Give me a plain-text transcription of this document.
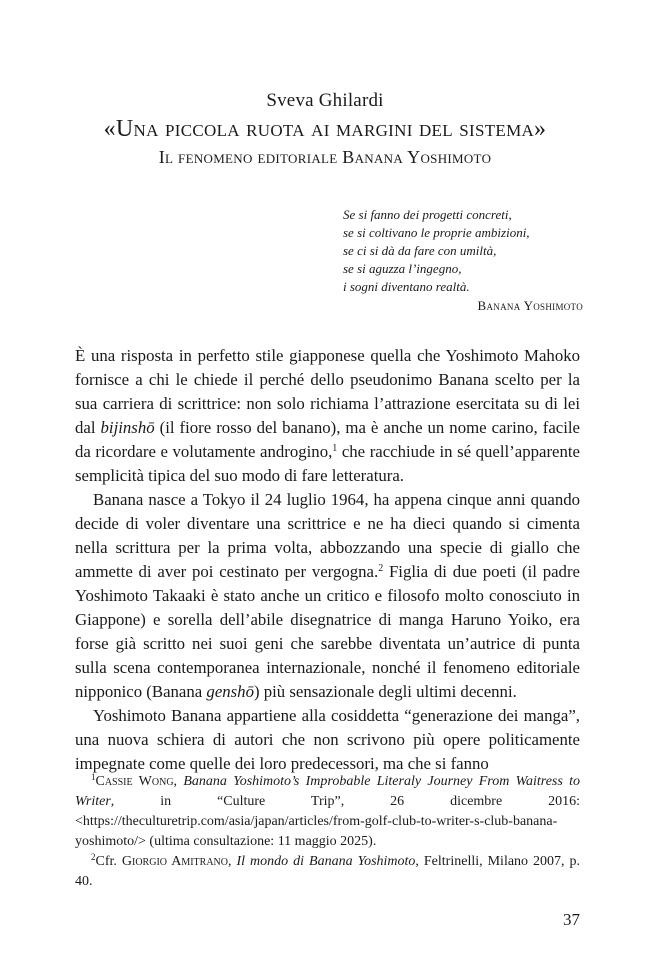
Sveva Ghilardi
«Una piccola ruota ai margini del sistema»
Il fenomeno editoriale Banana Yoshimoto
Se si fanno dei progetti concreti,
se si coltivano le proprie ambizioni,
se ci si dà da fare con umiltà,
se si aguzza l’ingegno,
i sogni diventano realtà.
Banana Yoshimoto

È una risposta in perfetto stile giapponese quella che Yoshimoto Mahoko fornisce a chi le chiede il perché dello pseudonimo Banana scelto per la sua carriera di scrittrice: non solo richiama l’attrazione esercitata su di lei dal bijinshō (il fiore rosso del banano), ma è anche un nome carino, facile da ricordare e volutamente androgino,$^1$ che racchiude in sé quell’apparente semplicità tipica del suo modo di fare letteratura.

Banana nasce a Tokyo il 24 luglio 1964, ha appena cinque anni quando decide di voler diventare una scrittrice e ne ha dieci quando si cimenta nella scrittura per la prima volta, abbozzando una specie di giallo che ammette di aver poi cestinato per vergogna.$^2$ Figlia di due poeti (il padre Yoshimoto Takaaki è stato anche un critico e filosofo molto conosciuto in Giappone) e sorella dell’abile disegnatrice di manga Haruno Yoiko, era forse già scritto nei suoi geni che sarebbe diventata un’autrice di punta sulla scena contemporanea internazionale, nonché il fenomeno editoriale nipponico (Banana genshō) più sensazionale degli ultimi decenni.

Yoshimoto Banana appartiene alla cosiddetta “generazione dei manga”, una nuova schiera di autori che non scrivono più opere politicamente impegnate come quelle dei loro predecessori, ma che si fanno

$^1$Cassie Wong, Banana Yoshimoto’s Improbable Literaly Journey From Waitress to Writer, in “Culture Trip”, 26 dicembre 2016: <https://theculturetrip.com/asia/japan/articles/from-golf-club-to-writer-s-club-banana-yoshimoto/> (ultima consultazione: 11 maggio 2025).

$^2$Cfr. Giorgio Amitrano, Il mondo di Banana Yoshimoto, Feltrinelli, Milano 2007, p. 40.

37
